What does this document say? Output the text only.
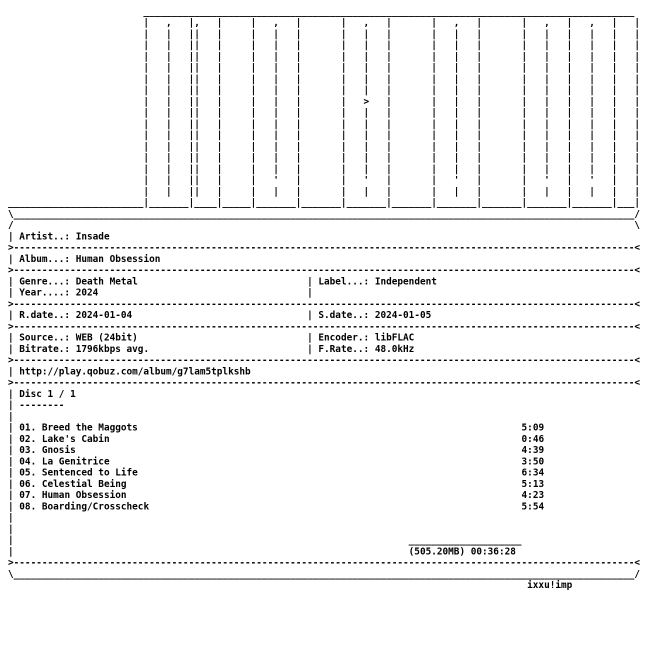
_______________________________________________________________________________________
|   ,   |,   |     |   ,   |       |   ,   |       |   ,   |       |   ,   |   ,   |   |
|   |   ||   |     |   |   |       |   |   |       |   |   |       |   |   |   |   |   |
|   |   ||   |     |   |   |       |   |   |       |   |   |       |   |   |   |   |   |
|   |   ||   |     |   |   |       |   |   |       |   |   |       |   |   |   |   |   |
|   |   ||   |     |   |   |       |   |   |       |   |   |       |   |   |   |   |   |
|   |   ||   |     |   |   |       |   |   |       |   |   |       |   |   |   |   |   |
|   |   ||   |     |   |   |       |   |   |       |   |   |       |   |   |   |   |   |
|   |   ||   |     |   |   |       |   >   |       |   |   |       |   |   |   |   |   |
|   |   ||   |     |   |   |       |   |   |       |   |   |       |   |   |   |   |   |
|   |   ||   |     |   |   |       |   |   |       |   |   |       |   |   |   |   |   |
|   |   ||   |     |   |   |       |   |   |       |   |   |       |   |   |   |   |   |
|   |   ||   |     |   |   |       |   |   |       |   |   |       |   |   |   |   |   |
|   |   ||   |     |   |   |       |   |   |       |   |   |       |   |   |   |   |   |
|   |   ||   |     |   |   |       |   |   |       |   |   |       |   |   |   |   |   |
|   |   ||   |     |   '   |       |   '   |       |   '   |       |   '   |   '   |   |
|   |   ||   |     |   |   |       |   |   |       |   |   |       |   |   |   |   |   |
________________________|_______|____|_____|_______|_______|_______|_______|_______|_______|_______|_______|___|
\______________________________________________________________________________________________________________/
/                                                                                                              \
| Artist..: Insade
>--------------------------------------------------------------------------------------------------------------<
| Album...: Human Obsession
>--------------------------------------------------------------------------------------------------------------<
| Genre...: Death Metal                              | Label...: Independent
| Year....: 2024                                     |
>--------------------------------------------------------------------------------------------------------------<
| R.date..: 2024-01-04                               | S.date..: 2024-01-05
>--------------------------------------------------------------------------------------------------------------<
| Source..: WEB (24bit)                              | Encoder.: libFLAC
| Bitrate.: 1796kbps avg.                            | F.Rate..: 48.0kHz
>--------------------------------------------------------------------------------------------------------------<
| http://play.qobuz.com/album/g7lam5tplkshb
>--------------------------------------------------------------------------------------------------------------<
| Disc 1 / 1
| --------
|
| 01. Breed the Maggots                                                                    5:09
| 02. Lake's Cabin                                                                         0:46
| 03. Gnosis                                                                               4:39
| 04. La Genitrice                                                                         3:50
| 05. Sentenced to Life                                                                    6:34
| 06. Celestial Being                                                                      5:13
| 07. Human Obsession                                                                      4:23
| 08. Boarding/Crosscheck                                                                  5:54
|
|
|	____________________
|	(505.20MB) 00:36:28
>--------------------------------------------------------------------------------------------------------------<
\______________________________________________________________________________________________________________/
ixxu!imp
